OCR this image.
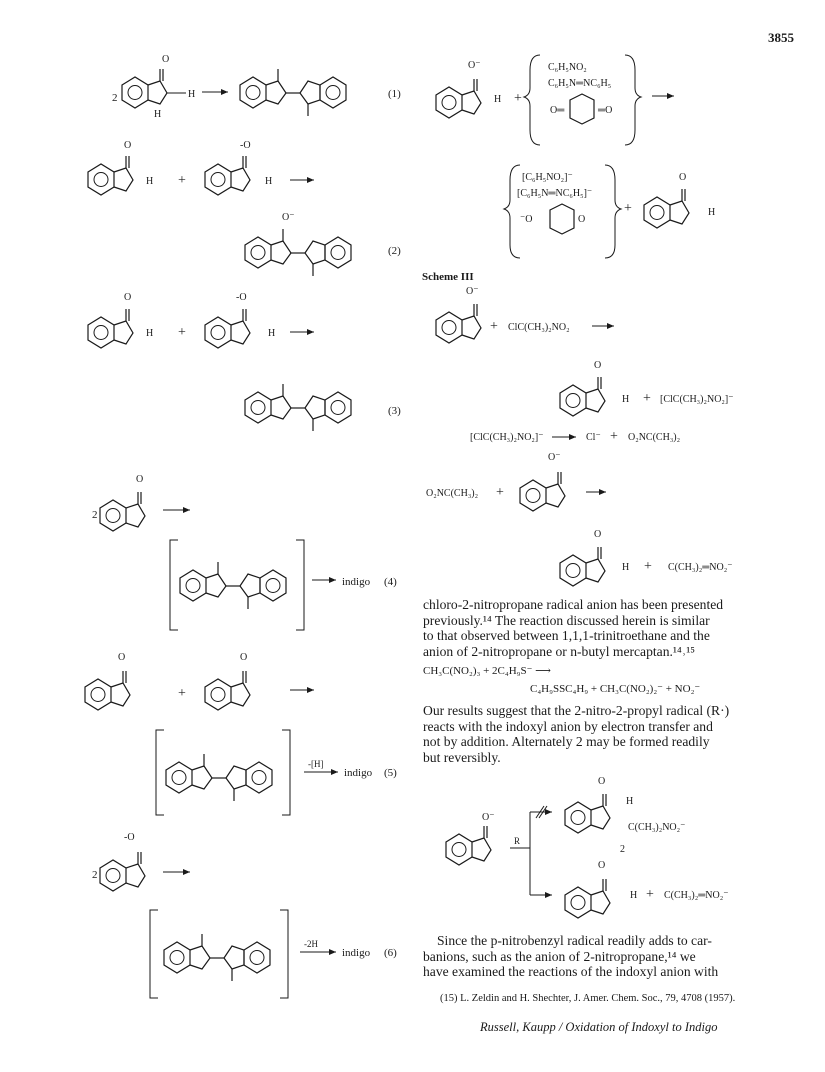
2
O
H
H	(1)
O
H +
-O
H
O⁻
(2)
O
H +
-O
H
(3)
2
O
indigo (4)
O
+
O
-[H]
indigo (5)
2
-O
-2H
indigo (6)
O⁻
H +
C₆H₅NO₂
C₆H₅N═NC₆H₅
O═	═O
[C₆H₅NO₂]⁻
[C₆H₅N═NC₆H₅]⁻
⁻O	O
+
O
H
Scheme III
O⁻
+ ClC(CH₃)₂NO₂
O
H + [ClC(CH₃)₂NO₂]⁻
[ClC(CH₃)₂NO₂]⁻	Cl⁻ + O₂NC(CH₃)₂
O₂NC(CH₃)₂ +
O⁻
O
H + C(CH₃)₂═NO₂⁻
O⁻
R
O
H
C(CH₃)₂NO₂⁻
2
O
H + C(CH₃)₂═NO₂⁻
3855
chloro-2-nitropropane radical anion has been presented
previously.¹⁴ The reaction discussed herein is similar
to that observed between 1,1,1-trinitroethane and the
anion of 2-nitropropane or n-butyl mercaptan.¹⁴˒¹⁵
CH₃C(NO₂)₃ + 2C₄H₉S⁻ ⟶
C₄H₉SSC₄H₉ + CH₃C(NO₂)₂⁻ + NO₂⁻
Our results suggest that the 2-nitro-2-propyl radical (R·)
reacts with the indoxyl anion by electron transfer and
not by addition. Alternately 2 may be formed readily
but reversibly.
Since the p-nitrobenzyl radical readily adds to car-
banions, such as the anion of 2-nitropropane,¹⁴ we
have examined the reactions of the indoxyl anion with
(15) L. Zeldin and H. Shechter, J. Amer. Chem. Soc., 79, 4708 (1957).
Russell, Kaupp / Oxidation of Indoxyl to Indigo
